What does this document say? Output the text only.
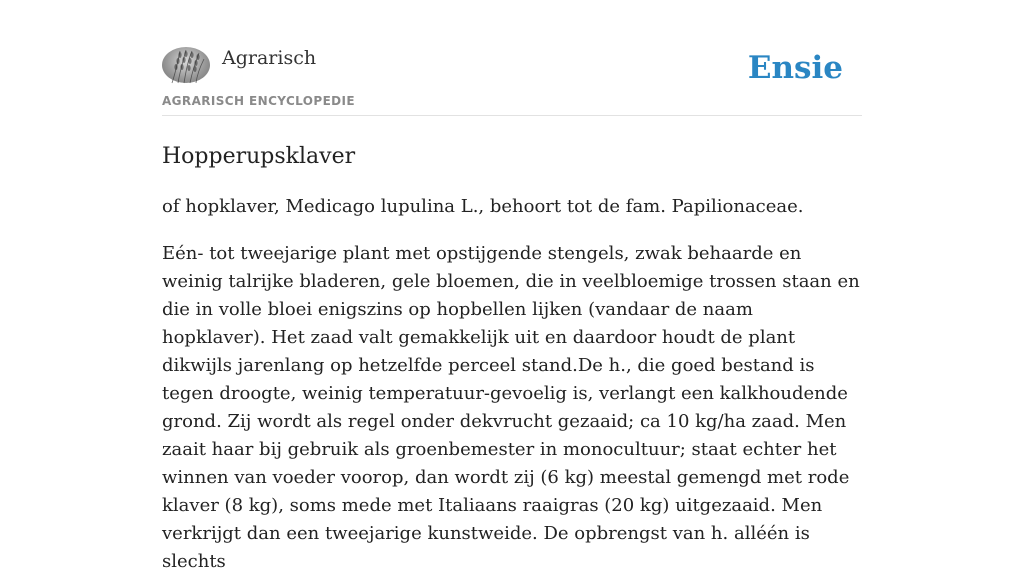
Agrarisch
AGRARISCH ENCYCLOPEDIE
Ensie
Hopperupsklaver

of hopklaver, Medicago lupulina L., behoort tot de fam. Papilionaceae.

Eén- tot tweejarige plant met opstijgende stengels, zwak behaarde en weinig talrijke bladeren, gele bloemen, die in veelbloemige trossen staan en die in volle bloei enigszins op hopbellen lijken (vandaar de naam hopklaver). Het zaad valt gemakkelijk uit en daardoor houdt de plant dikwijls jarenlang op hetzelfde perceel stand.De h., die goed bestand is tegen droogte, weinig temperatuur-gevoelig is, verlangt een kalkhoudende grond. Zij wordt als regel onder dekvrucht gezaaid; ca 10 kg/ha zaad. Men zaait haar bij gebruik als groenbemester in monocultuur; staat echter het winnen van voeder voorop, dan wordt zij (6 kg) meestal gemengd met rode klaver (8 kg), soms mede met Italiaans raaigras (20 kg) uitgezaaid. Men verkrijgt dan een tweejarige kunstweide. De opbrengst van h. alléén is slechts
